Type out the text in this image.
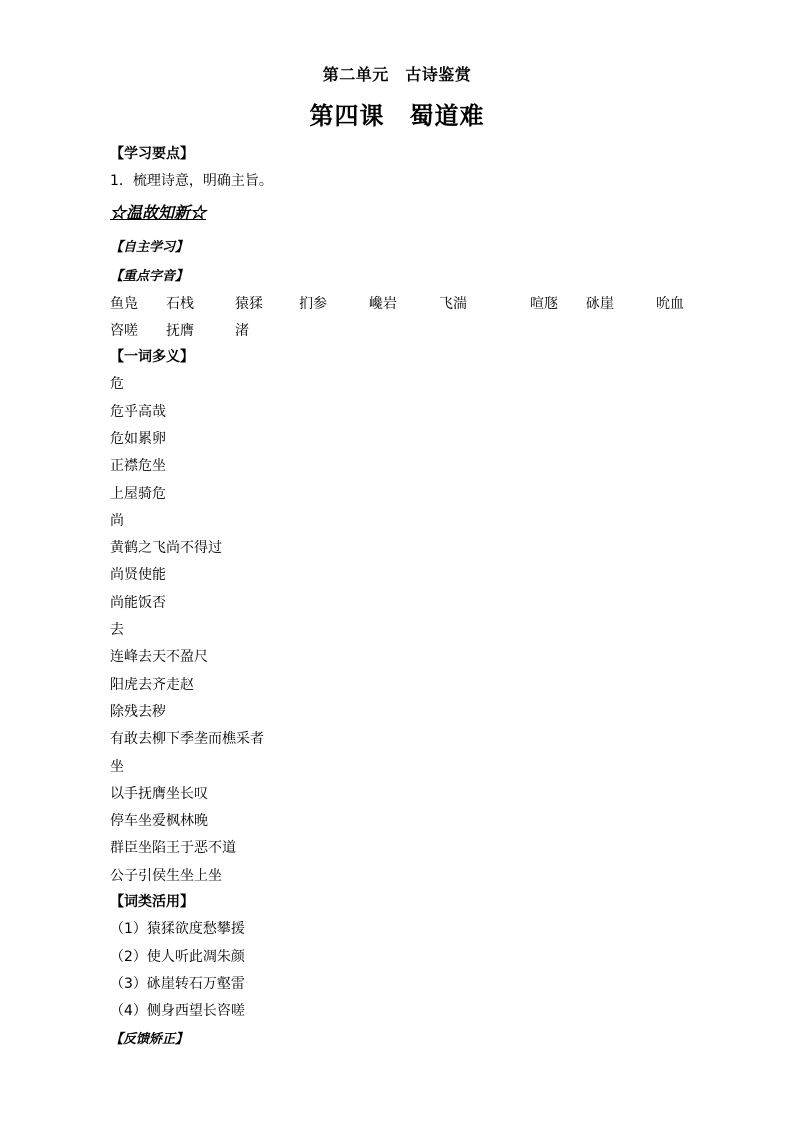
第二单元　古诗鉴赏
第四课　蜀道难
【学习要点】
1．梳理诗意，明确主旨。
☆温故知新☆
【自主学习】
【重点字音】
鱼凫 石栈	猿猱	扪参	巉岩	飞湍	喧豗 砯崖	吮血
咨嗟 抚膺	渚
【一词多义】
危
危乎高哉
危如累卵
正襟危坐
上屋骑危
尚
黄鹤之飞尚不得过
尚贤使能
尚能饭否
去
连峰去天不盈尺
阳虎去齐走赵
除残去秽
有敢去柳下季垄而樵采者
坐
以手抚膺坐长叹
停车坐爱枫林晚
群臣坐陷王于恶不道
公子引侯生坐上坐
【词类活用】
（1）猿猱欲度愁攀援
（2）使人听此凋朱颜
（3）砯崖转石万壑雷
（4）侧身西望长咨嗟
【反馈矫正】
